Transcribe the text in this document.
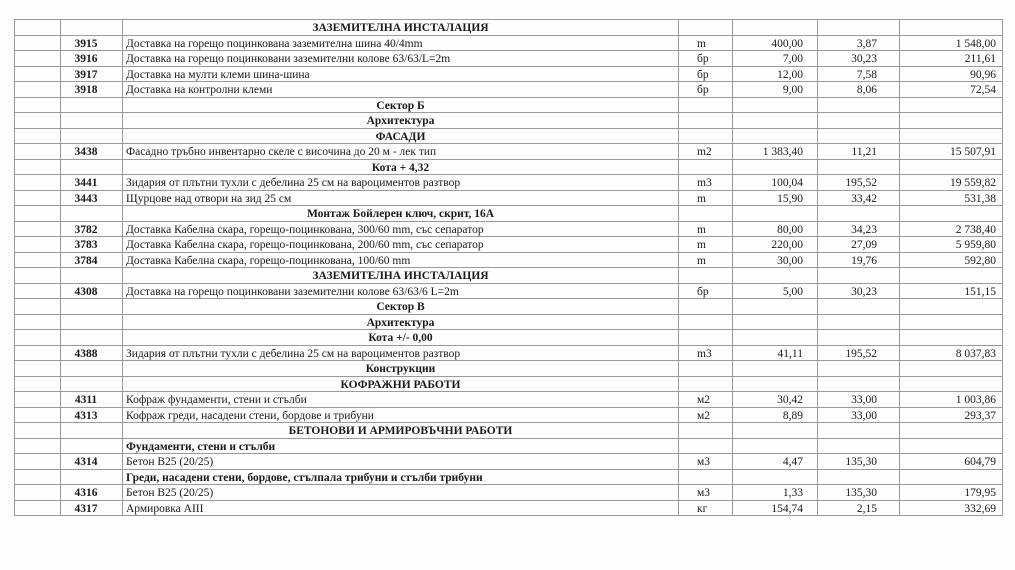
		ЗАЗЕМИТЕЛНА ИНСТАЛАЦИЯ				
	3915	Доставка на горещо поцинкована заземителна шина 40/4mm	m	400,00	3,87	1 548,00
	3916	Доставка на горещо поцинковани заземителни колове 63/63/L=2m	бр	7,00	30,23	211,61
	3917	Доставка на мулти клеми шина-шина	бр	12,00	7,58	90,96
	3918	Доставка на контролни клеми	бр	9,00	8,06	72,54
		Сектор Б				
		Архитектура				
		ФАСАДИ				
	3438	Фасадно тръбно инвентарно скеле с височина до 20 м - лек тип	m2	1 383,40	11,21	15 507,91
		Кота + 4,32				
	3441	Зидария от плътни тухли с дебелина 25 см на вароциментов разтвор	m3	100,04	195,52	19 559,82
	3443	Щурцове над отвори на зид 25 см	m	15,90	33,42	531,38
		Монтаж Бойлерен ключ, скрит, 16А				
	3782	Доставка Кабелна скара, горещо-поцинкована, 300/60 mm, със сепаратор	m	80,00	34,23	2 738,40
	3783	Доставка Кабелна скара, горещо-поцинкована, 200/60 mm, със сепаратор	m	220,00	27,09	5 959,80
	3784	Доставка Кабелна скара, горещо-поцинкована, 100/60 mm	m	30,00	19,76	592,80
		ЗАЗЕМИТЕЛНА ИНСТАЛАЦИЯ				
	4308	Доставка на горещо поцинковани заземителни колове 63/63/6 L=2m	бр	5,00	30,23	151,15
		Сектор В				
		Архитектура				
		Кота +/- 0,00				
	4388	Зидария от плътни тухли с дебелина 25 см на вароциментов разтвор	m3	41,11	195,52	8 037,83
		Конструкции				
		КОФРАЖНИ РАБОТИ				
	4311	Кофраж фундаменти, стени и стълби	м2	30,42	33,00	1 003,86
	4313	Кофраж греди, насадени стени, бордове и трибуни	м2	8,89	33,00	293,37
		БЕТОНОВИ И АРМИРОВЪЧНИ РАБОТИ				
		Фундаменти, стени и стълби				
	4314	Бетон В25 (20/25)	м3	4,47	135,30	604,79
		Греди, насадени стени, бордове, стълпала трибуни и стълби трибуни				
	4316	Бетон В25 (20/25)	м3	1,33	135,30	179,95
	4317	Армировка АIII	кг	154,74	2,15	332,69
